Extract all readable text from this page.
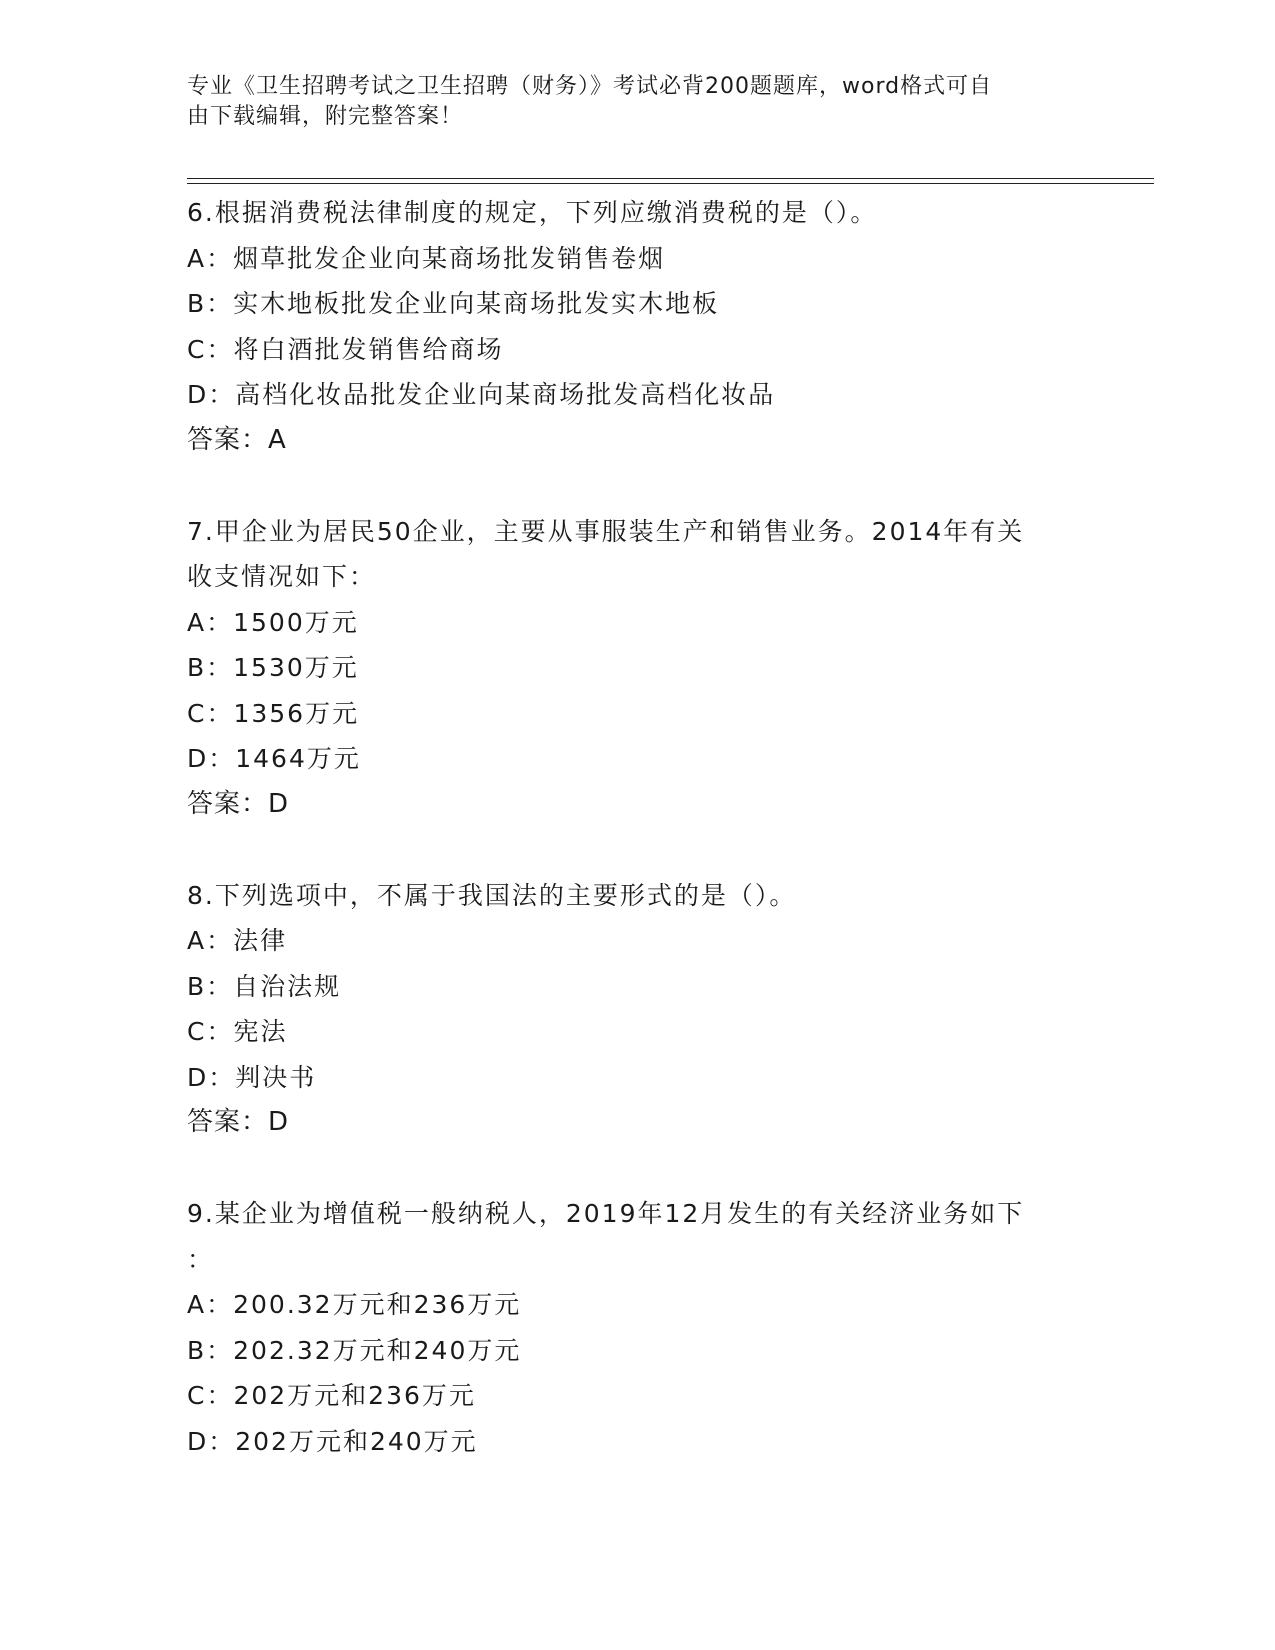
专业《卫生招聘考试之卫生招聘（财务）》考试必背200题题库，word格式可自
由下载编辑，附完整答案！
6.根据消费税法律制度的规定，下列应缴消费税的是（）。
A：烟草批发企业向某商场批发销售卷烟
B：实木地板批发企业向某商场批发实木地板
C：将白酒批发销售给商场
D：高档化妆品批发企业向某商场批发高档化妆品
答案：A
7.甲企业为居民50企业，主要从事服装生产和销售业务。2014年有关
收支情况如下：
A：1500万元
B：1530万元
C：1356万元
D：1464万元
答案：D
8.下列选项中，不属于我国法的主要形式的是（）。
A：法律
B：自治法规
C：宪法
D：判决书
答案：D
9.某企业为增值税一般纳税人，2019年12月发生的有关经济业务如下
：
A：200.32万元和236万元
B：202.32万元和240万元
C：202万元和236万元
D：202万元和240万元
